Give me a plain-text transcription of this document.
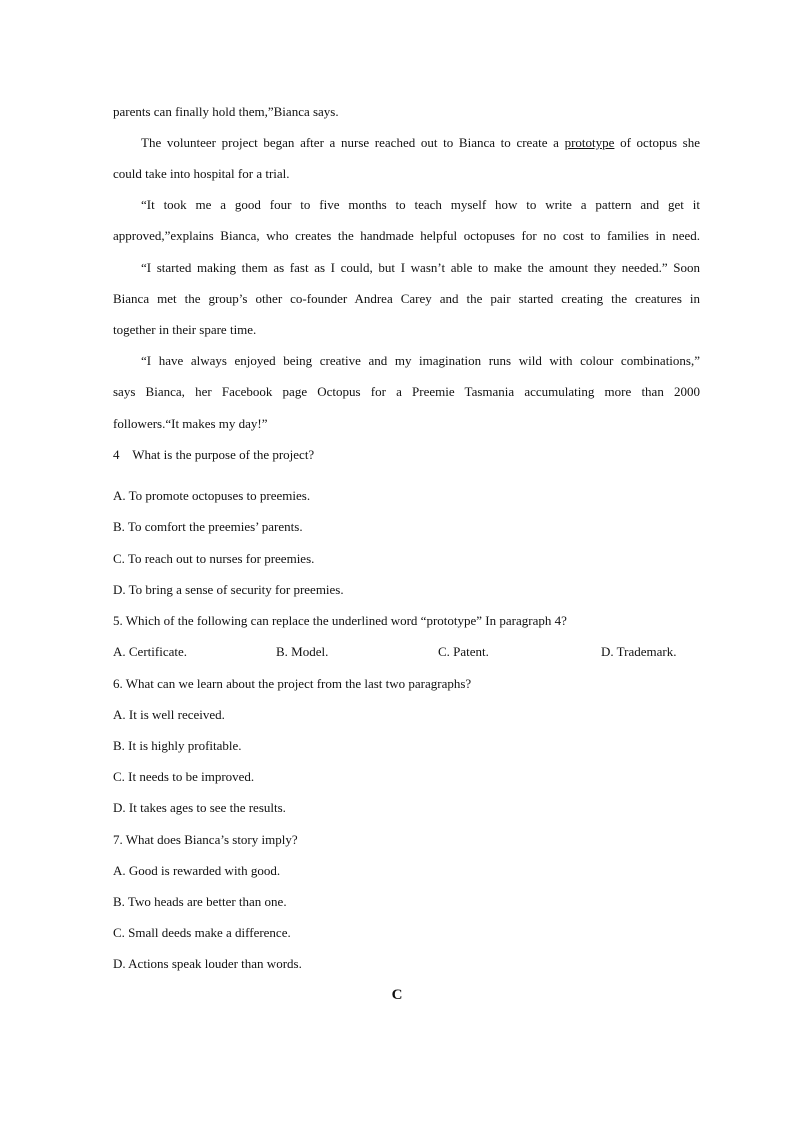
parents can finally hold them,”Bianca says.
The volunteer project began after a nurse reached out to Bianca to create a prototype of octopus she
could take into hospital for a trial.
“It took me a good four to five months to teach myself how to write a pattern and get it
approved,”explains Bianca, who creates the handmade helpful octopuses for no cost to families in need.
“I started making them as fast as I could, but I wasn’t able to make the amount they needed.” Soon
Bianca met the group’s other co-founder Andrea Carey and the pair started creating the creatures in
together in their spare time.
“I have always enjoyed being creative and my imagination runs wild with colour combinations,”
says Bianca, her Facebook page Octopus for a Preemie Tasmania accumulating more than 2000
followers.“It makes my day!”
4    What is the purpose of the project?
A. To promote octopuses to preemies.
B. To comfort the preemies’ parents.
C. To reach out to nurses for preemies.
D. To bring a sense of security for preemies.
5. Which of the following can replace the underlined word “prototype” In paragraph 4?
A. Certificate.	B. Model.	C. Patent.	D. Trademark.
6. What can we learn about the project from the last two paragraphs?
A. It is well received.
B. It is highly profitable.
C. It needs to be improved.
D. It takes ages to see the results.
7. What does Bianca’s story imply?
A. Good is rewarded with good.
B. Two heads are better than one.
C. Small deeds make a difference.
D. Actions speak louder than words.
C
